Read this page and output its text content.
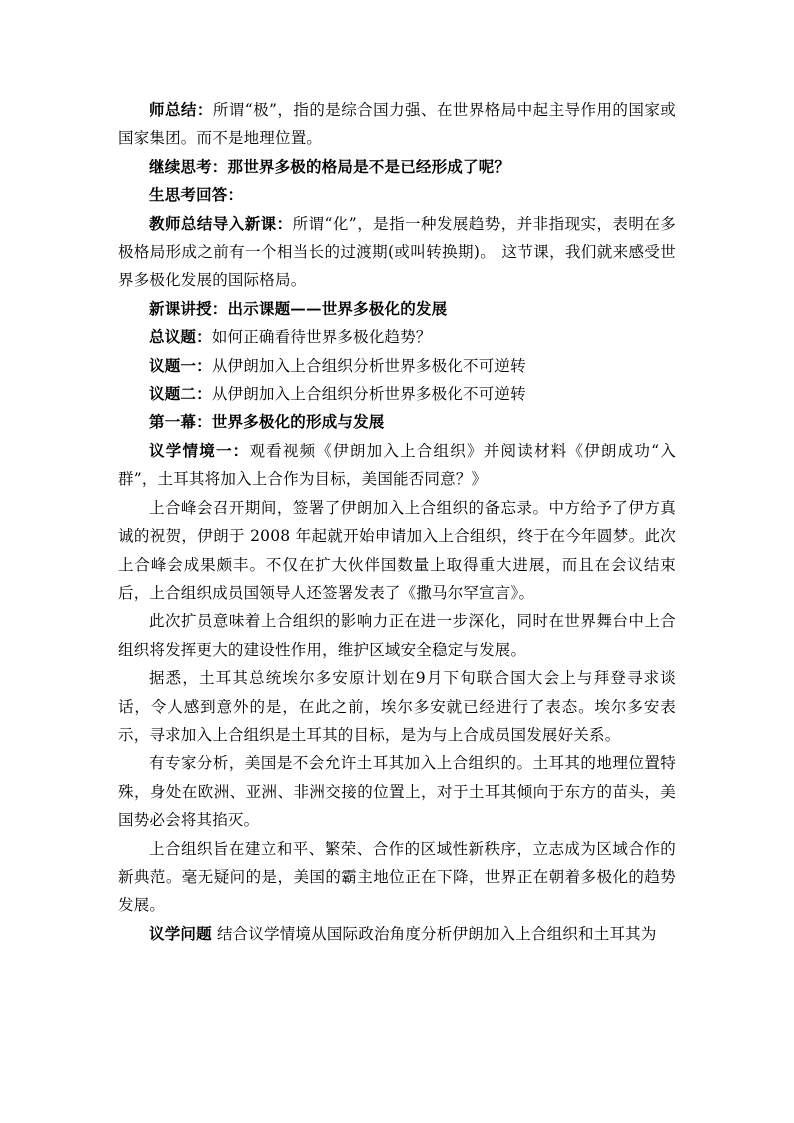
师总结：所谓“极”，指的是综合国力强、在世界格局中起主导作用的国家或国家集团。而不是地理位置。

继续思考：那世界多极的格局是不是已经形成了呢？

生思考回答：

教师总结导入新课：所谓“化”，是指一种发展趋势，并非指现实，表明在多极格局形成之前有一个相当长的过渡期(或叫转换期)。 这节课，我们就来感受世界多极化发展的国际格局。

新课讲授：出示课题——世界多极化的发展

总议题：如何正确看待世界多极化趋势？

议题一：从伊朗加入上合组织分析世界多极化不可逆转

议题二：从伊朗加入上合组织分析世界多极化不可逆转

第一幕：世界多极化的形成与发展

议学情境一：观看视频《伊朗加入上合组织》并阅读材料《伊朗成功“入群”，土耳其将加入上合作为目标，美国能否同意？》

上合峰会召开期间，签署了伊朗加入上合组织的备忘录。中方给予了伊方真诚的祝贺，伊朗于 2008 年起就开始申请加入上合组织，终于在今年圆梦。此次上合峰会成果颇丰。不仅在扩大伙伴国数量上取得重大进展，而且在会议结束后，上合组织成员国领导人还签署发表了《撒马尔罕宣言》。

此次扩员意味着上合组织的影响力正在进一步深化，同时在世界舞台中上合组织将发挥更大的建设性作用，维护区域安全稳定与发展。

据悉，土耳其总统埃尔多安原计划在9月下旬联合国大会上与拜登寻求谈话，令人感到意外的是，在此之前，埃尔多安就已经进行了表态。埃尔多安表示，寻求加入上合组织是土耳其的目标，是为与上合成员国发展好关系。

有专家分析，美国是不会允许土耳其加入上合组织的。土耳其的地理位置特殊，身处在欧洲、亚洲、非洲交接的位置上，对于土耳其倾向于东方的苗头，美国势必会将其掐灭。

上合组织旨在建立和平、繁荣、合作的区域性新秩序，立志成为区域合作的新典范。毫无疑问的是，美国的霸主地位正在下降，世界正在朝着多极化的趋势发展。

议学问题 结合议学情境从国际政治角度分析伊朗加入上合组织和土耳其为
